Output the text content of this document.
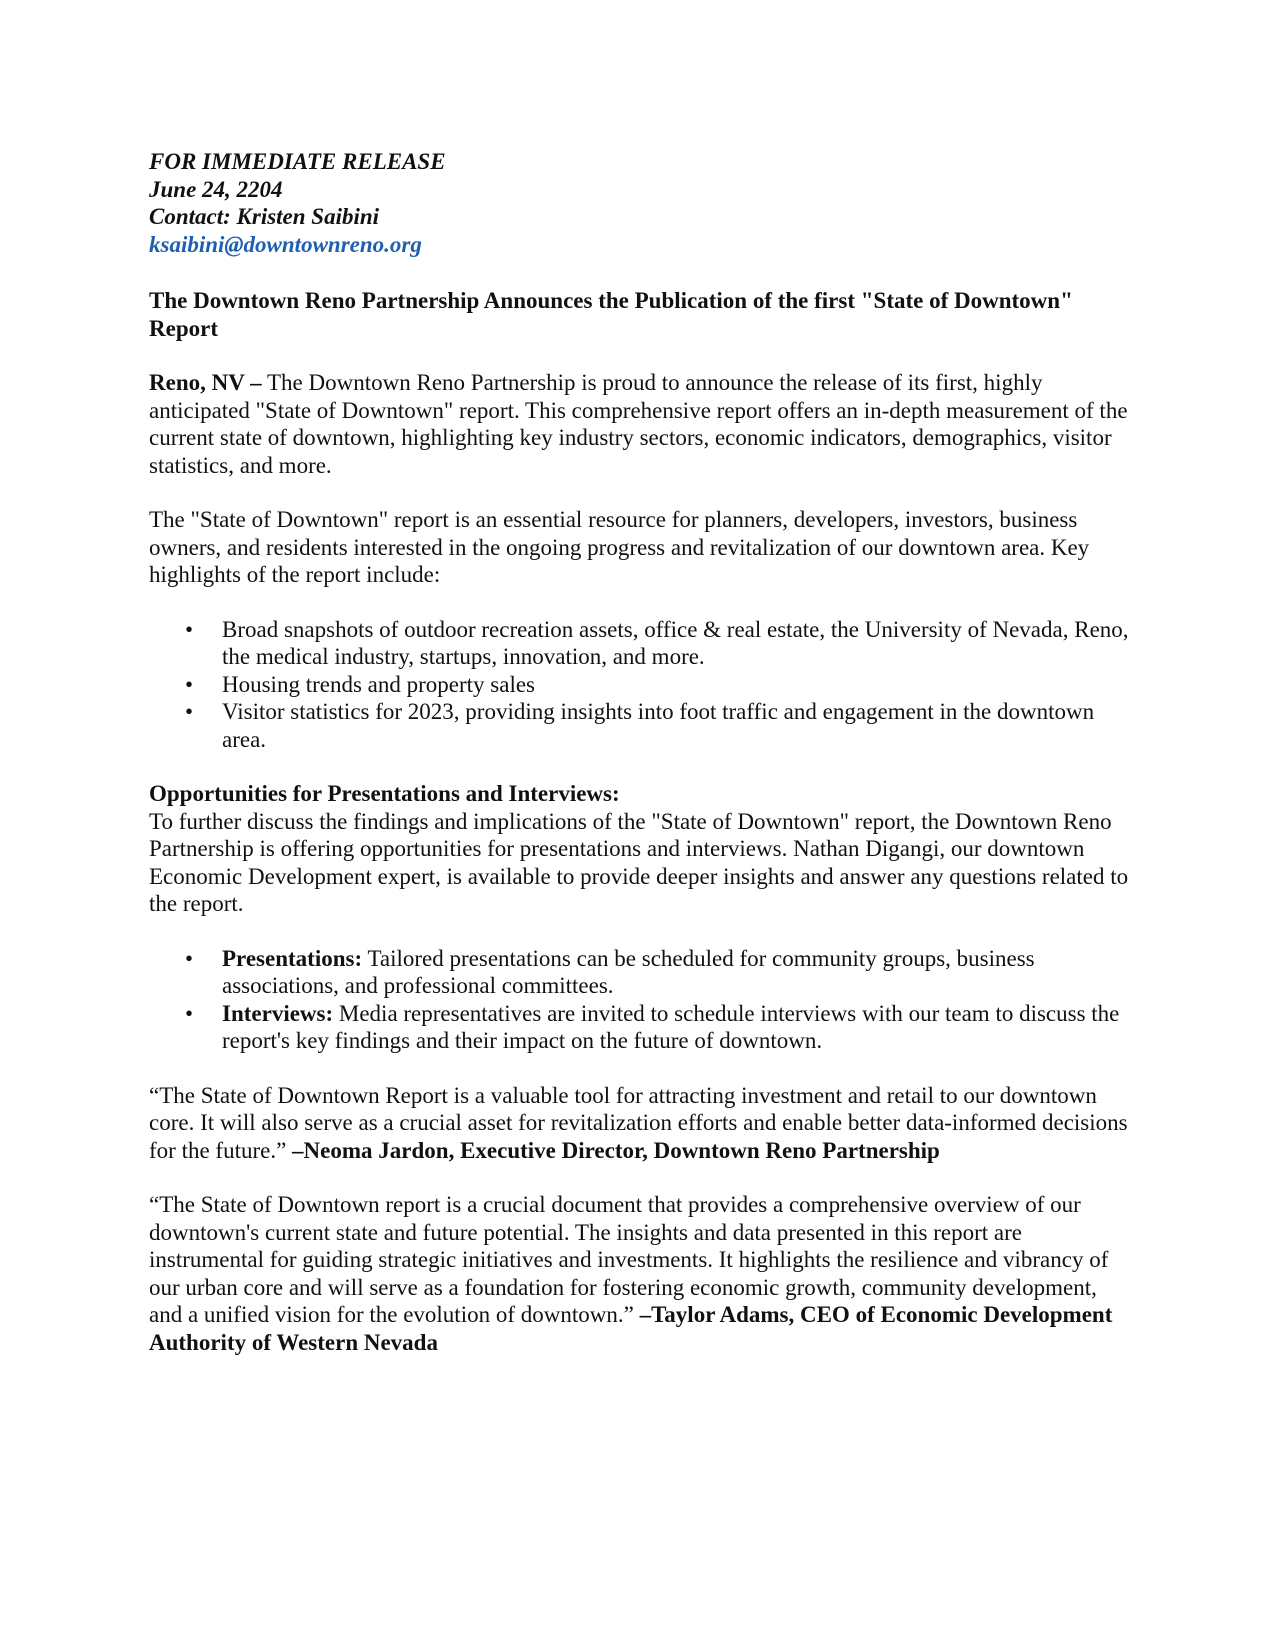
FOR IMMEDIATE RELEASE

June 24, 2204

Contact: Kristen Saibini

ksaibini@downtownreno.org

The Downtown Reno Partnership Announces the Publication of the first "State of Downtown" Report

Reno, NV – The Downtown Reno Partnership is proud to announce the release of its first, highly anticipated "State of Downtown" report. This comprehensive report offers an in-depth measurement of the current state of downtown, highlighting key industry sectors, economic indicators, demographics, visitor statistics, and more.

The "State of Downtown" report is an essential resource for planners, developers, investors, business owners, and residents interested in the ongoing progress and revitalization of our downtown area. Key highlights of the report include:

• Broad snapshots of outdoor recreation assets, office & real estate, the University of Nevada, Reno, the medical industry, startups, innovation, and more.
• Housing trends and property sales
• Visitor statistics for 2023, providing insights into foot traffic and engagement in the downtown area.

Opportunities for Presentations and Interviews:

To further discuss the findings and implications of the "State of Downtown" report, the Downtown Reno Partnership is offering opportunities for presentations and interviews. Nathan Digangi, our downtown Economic Development expert, is available to provide deeper insights and answer any questions related to the report.

• Presentations: Tailored presentations can be scheduled for community groups, business associations, and professional committees.
• Interviews: Media representatives are invited to schedule interviews with our team to discuss the report's key findings and their impact on the future of downtown.

“The State of Downtown Report is a valuable tool for attracting investment and retail to our downtown core. It will also serve as a crucial asset for revitalization efforts and enable better data-informed decisions for the future.” –Neoma Jardon, Executive Director, Downtown Reno Partnership

“The State of Downtown report is a crucial document that provides a comprehensive overview of our downtown's current state and future potential. The insights and data presented in this report are instrumental for guiding strategic initiatives and investments. It highlights the resilience and vibrancy of our urban core and will serve as a foundation for fostering economic growth, community development, and a unified vision for the evolution of downtown.” –Taylor Adams, CEO of Economic Development Authority of Western Nevada
